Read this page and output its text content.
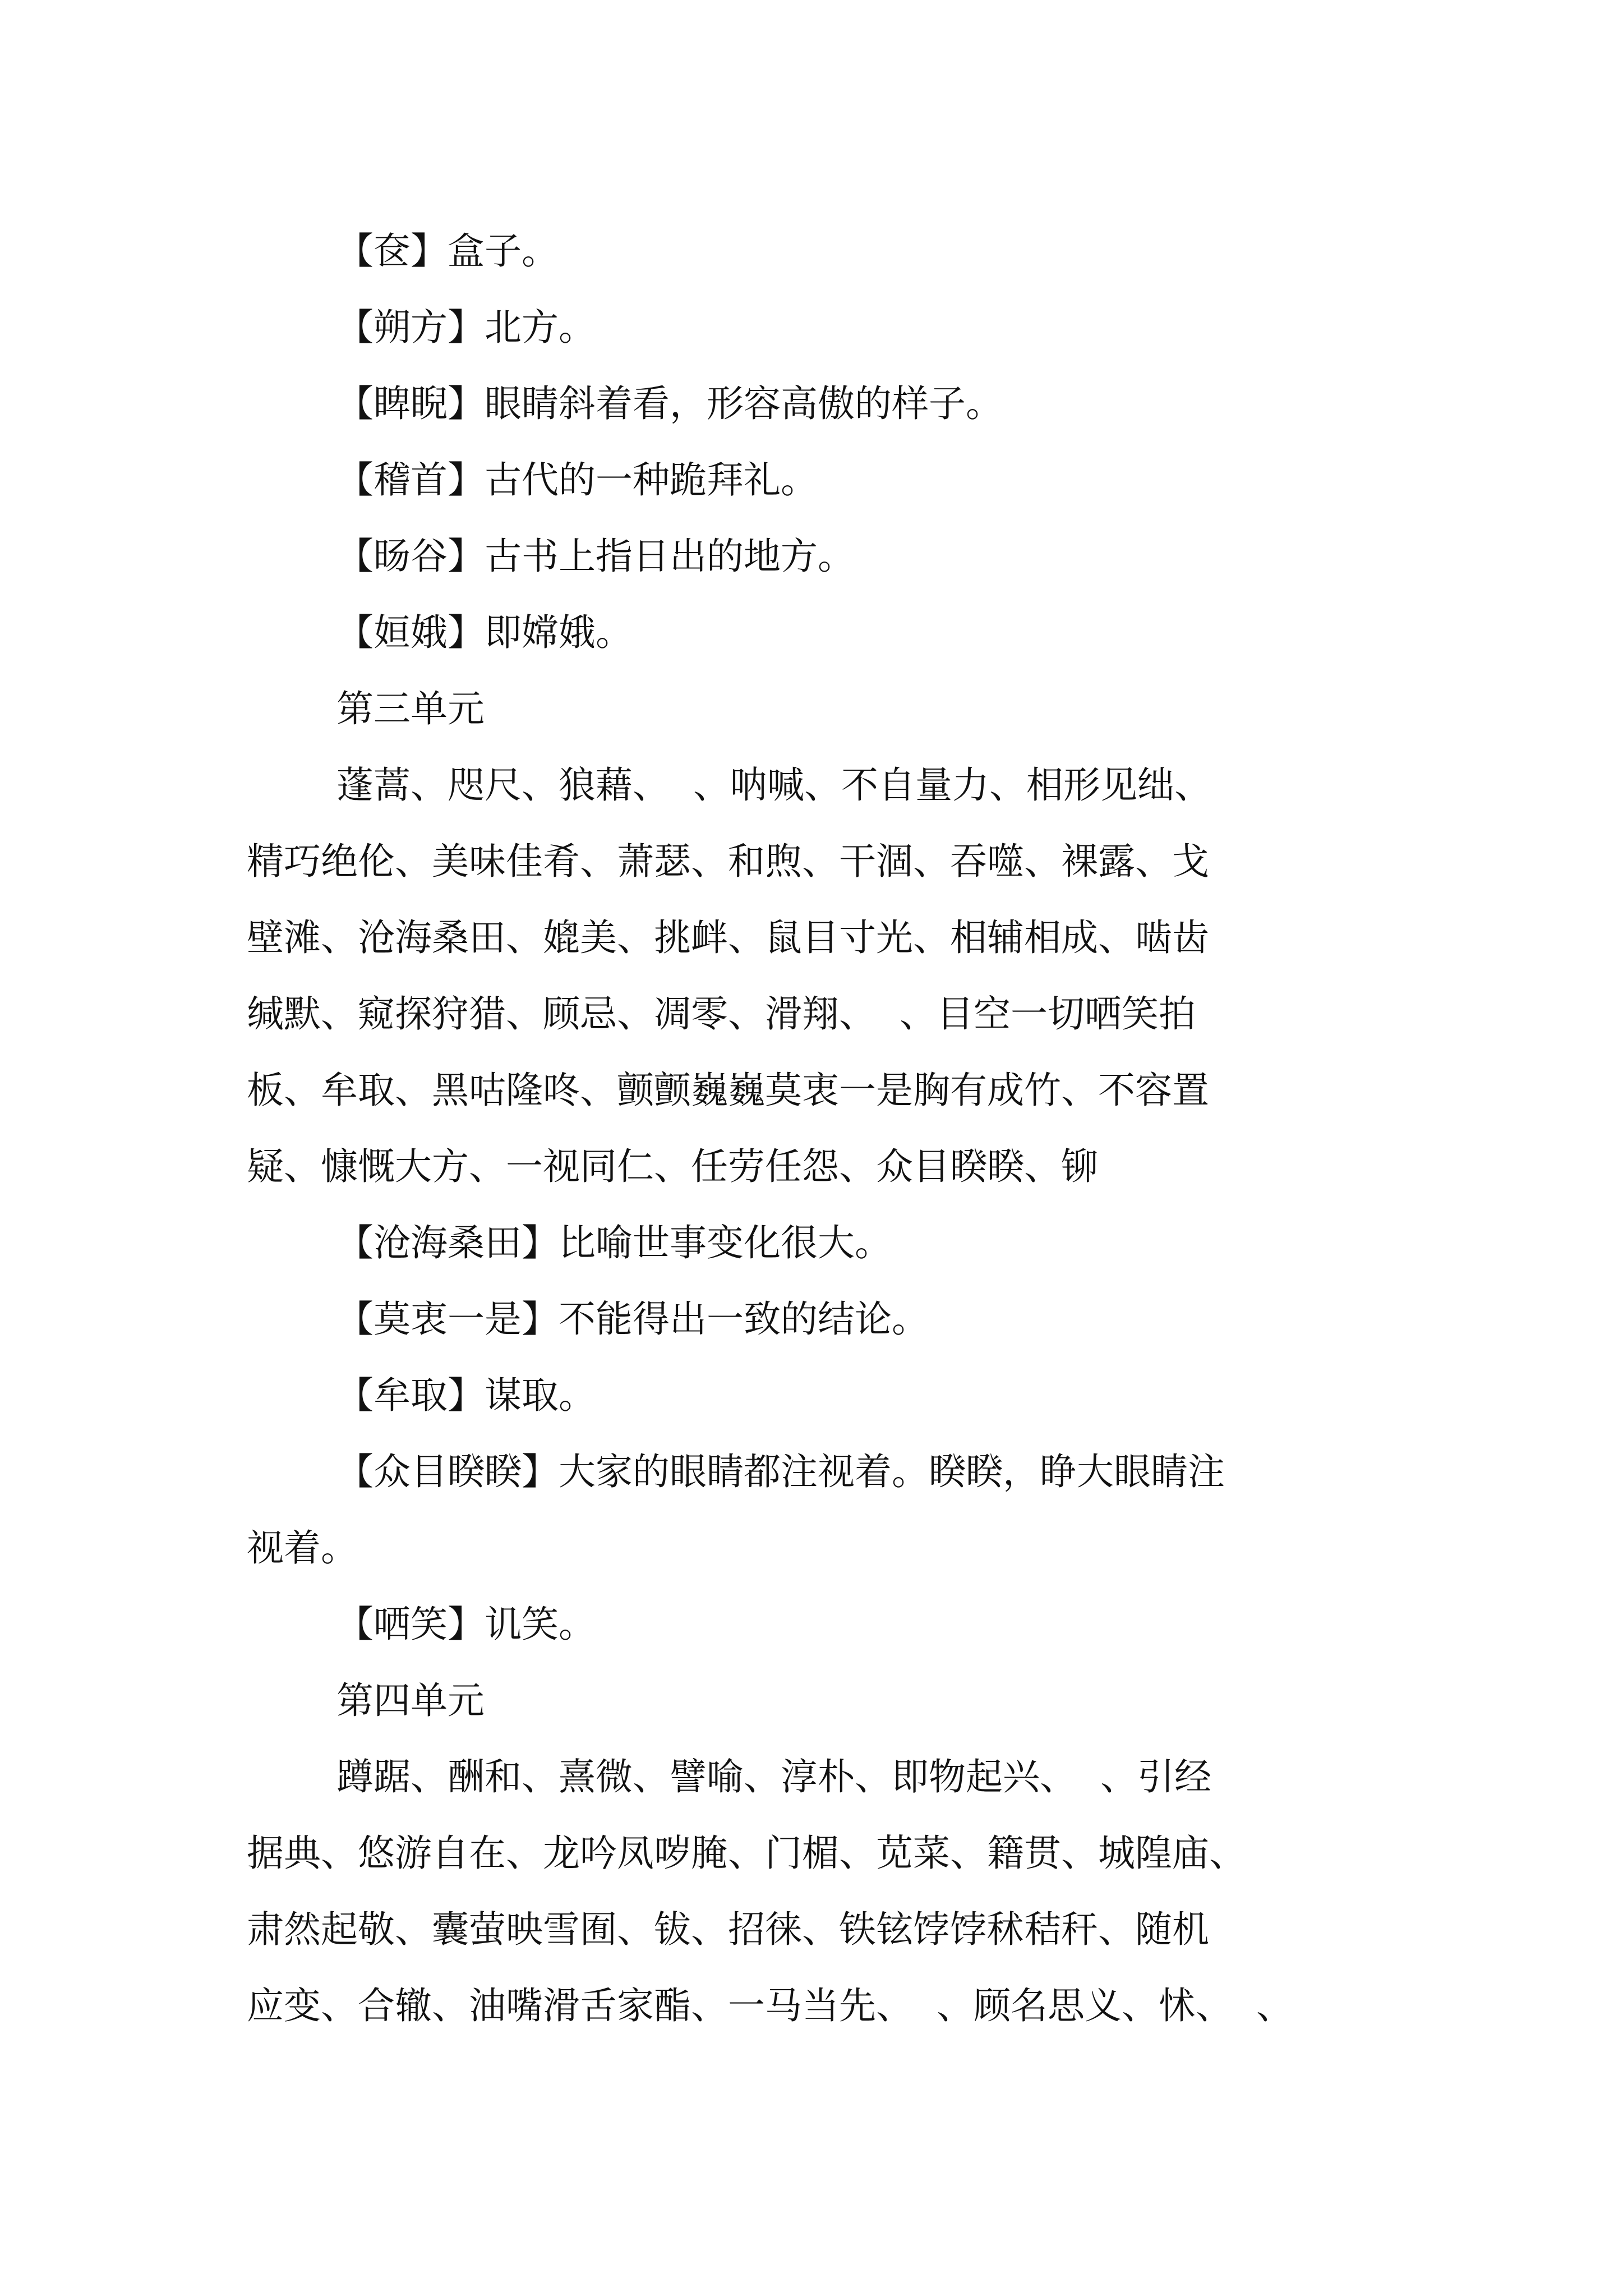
【奁】盒子。

【朔方】北方。

【睥睨】眼睛斜着看，形容高傲的样子。

【稽首】古代的一种跪拜礼。

【旸谷】古书上指日出的地方。

【姮娥】即嫦娥。

第三单元

蓬蒿、咫尺、狼藉、  、呐喊、不自量力、相形见绌、

精巧绝伦、美味佳肴、萧瑟、和煦、干涸、吞噬、裸露、戈

壁滩、沧海桑田、媲美、挑衅、鼠目寸光、相辅相成、啮齿

缄默、窥探狩猎、顾忌、凋零、滑翔、  、目空一切哂笑拍

板、牟取、黑咕隆咚、颤颤巍巍莫衷一是胸有成竹、不容置

疑、慷慨大方、一视同仁、任劳任怨、众目睽睽、铆

【沧海桑田】比喻世事变化很大。

【莫衷一是】不能得出一致的结论。

【牟取】谋取。

【众目睽睽】大家的眼睛都注视着。睽睽，睁大眼睛注

视着。

【哂笑】讥笑。

第四单元

蹲踞、酬和、熹微、譬喻、淳朴、即物起兴、  、引经

据典、悠游自在、龙吟凤哕腌、门楣、苋菜、籍贯、城隍庙、

肃然起敬、囊萤映雪囿、钹、招徕、铁铉饽饽秫秸秆、随机

应变、合辙、油嘴滑舌家酯、一马当先、  、顾名思义、怵、  、
